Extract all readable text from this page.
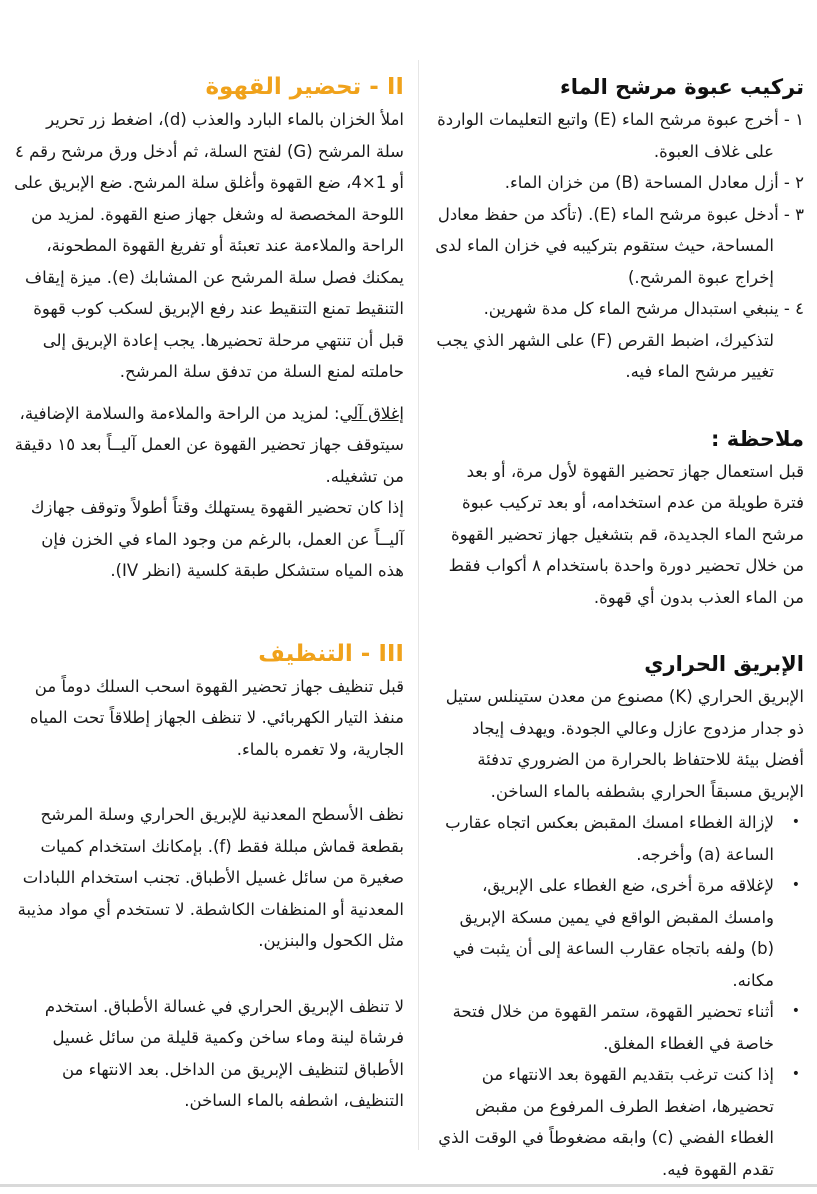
تركيب عبوة مرشح الماء

١ - أخرج عبوة مرشح الماء (E) واتبع التعليمات الواردة على غلاف العبوة.

٢ - أزل معادل المساحة (B) من خزان الماء.

٣ - أدخل عبوة مرشح الماء (E). (تأكد من حفظ معادل المساحة، حيث ستقوم بتركيبه في خزان الماء لدى إخراج عبوة المرشح.)

٤ - ينبغي استبدال مرشح الماء كل مدة شهرين. لتذكيرك، اضبط القرص (F) على الشهر الذي يجب تغيير مرشح الماء فيه.

ملاحظة :

قبل استعمال جهاز تحضير القهوة لأول مرة، أو بعد فترة طويلة من عدم استخدامه، أو بعد تركيب عبوة مرشح الماء الجديدة، قم بتشغيل جهاز تحضير القهوة من خلال تحضير دورة واحدة باستخدام ٨ أكواب فقط من الماء العذب بدون أي قهوة.

الإبريق الحراري

الإبريق الحراري (K) مصنوع من معدن ستينلس ستيل ذو جدار مزدوج عازل وعالي الجودة. ويهدف إيجاد أفضل بيئة للاحتفاظ بالحرارة من الضروري تدفئة الإبريق مسبقاً الحراري بشطفه بالماء الساخن.

•
لإزالة الغطاء امسك المقبض بعكس اتجاه عقارب الساعة (a) وأخرجه.
•
لإغلاقه مرة أخرى، ضع الغطاء على الإبريق، وامسك المقبض الواقع في يمين مسكة الإبريق (b) ولفه باتجاه عقارب الساعة إلى أن يثبت في مكانه.
•
أثناء تحضير القهوة، ستمر القهوة من خلال فتحة خاصة في الغطاء المغلق.
•
إذا كنت ترغب بتقديم القهوة بعد الانتهاء من تحضيرها، اضغط الطرف المرفوع من مقبض الغطاء الفضي (c) وابقه مضغوطاً في الوقت الذي تقدم القهوة فيه.
II - تحضير القهوة

املأ الخزان بالماء البارد والعذب (d)، اضغط زر تحرير سلة المرشح (G) لفتح السلة، ثم أدخل ورق مرشح رقم ٤ أو 1×4، ضع القهوة وأغلق سلة المرشح. ضع الإبريق على اللوحة المخصصة له وشغل جهاز صنع القهوة. لمزيد من الراحة والملاءمة عند تعبئة أو تفريغ القهوة المطحونة، يمكنك فصل سلة المرشح عن المشابك (e). ميزة إيقاف التنقيط تمنع التنقيط عند رفع الإبريق لسكب كوب قهوة قبل أن تنتهي مرحلة تحضيرها. يجب إعادة الإبريق إلى حاملته لمنع السلة من تدفق سلة المرشح.

إغلاق آلي: لمزيد من الراحة والملاءمة والسلامة الإضافية، سيتوقف جهاز تحضير القهوة عن العمل آليــاً بعد ١٥ دقيقة من تشغيله.

إذا كان تحضير القهوة يستهلك وقتاً أطولاً وتوقف جهازك آليــاً عن العمل، بالرغم من وجود الماء في الخزن فإن هذه المياه ستشكل طبقة كلسية (انظر IV).

III - التنظيف

قبل تنظيف جهاز تحضير القهوة اسحب السلك دوماً من منفذ التيار الكهربائي. لا تنظف الجهاز إطلاقاً تحت المياه الجارية، ولا تغمره بالماء.

نظف الأسطح المعدنية للإبريق الحراري وسلة المرشح بقطعة قماش مبللة فقط (f). بإمكانك استخدام كميات صغيرة من سائل غسيل الأطباق. تجنب استخدام اللبادات المعدنية أو المنظفات الكاشطة. لا تستخدم أي مواد مذيبة مثل الكحول والبنزين.

لا تنظف الإبريق الحراري في غسالة الأطباق. استخدم فرشاة لينة وماء ساخن وكمية قليلة من سائل غسيل الأطباق لتنظيف الإبريق من الداخل. بعد الانتهاء من التنظيف، اشطفه بالماء الساخن.
